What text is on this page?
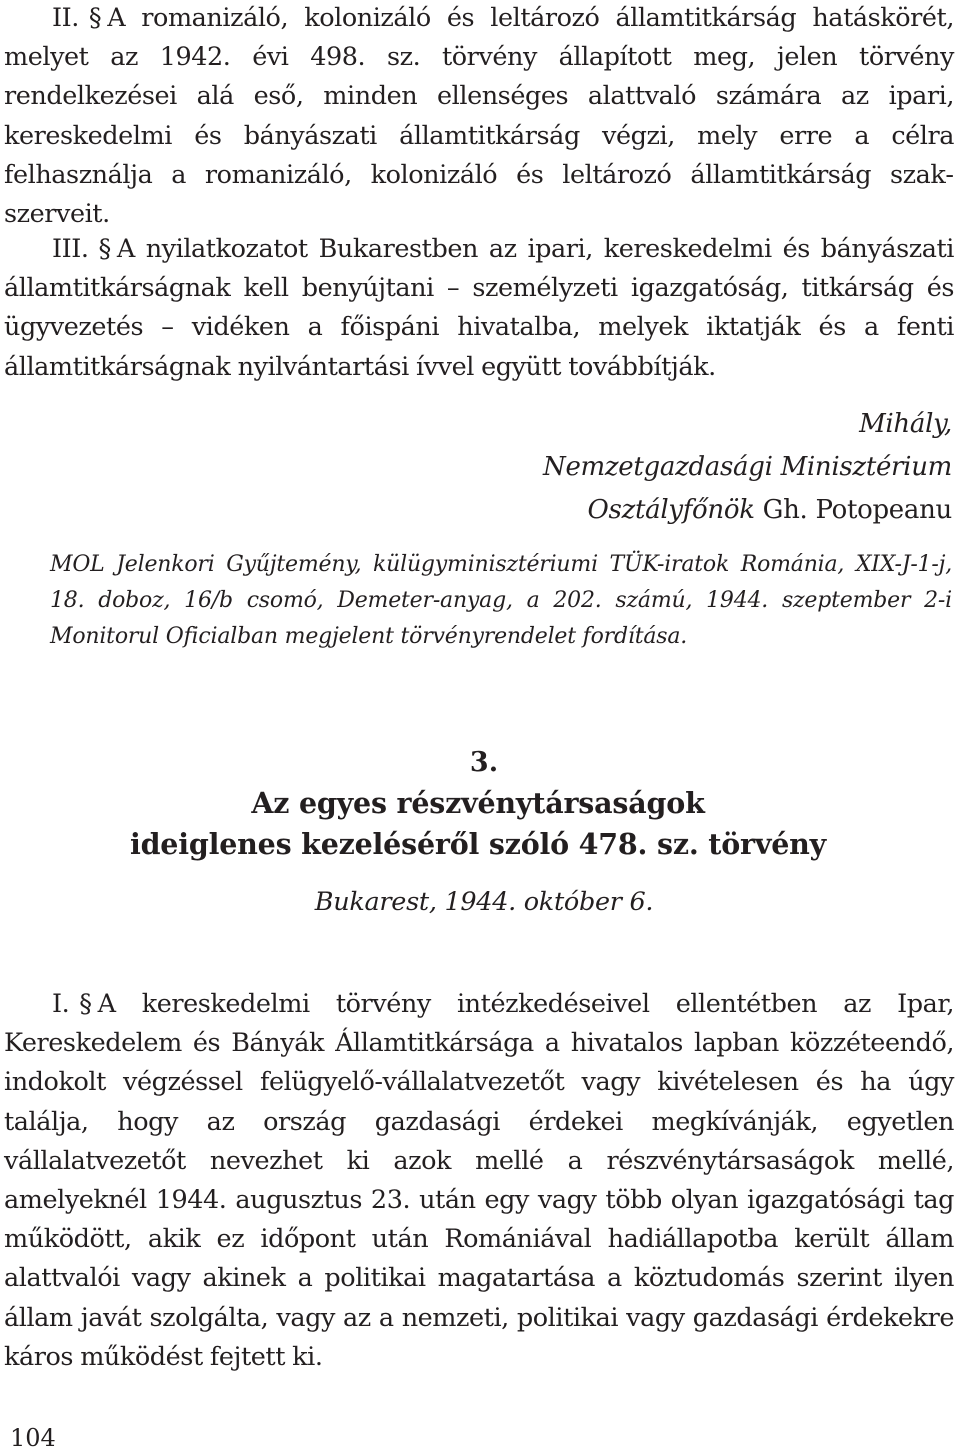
II. § A romanizáló, kolonizáló és leltározó államtitkárság hatáskörét, melyet az 1942. évi 498. sz. törvény állapított meg, jelen törvény rendelkezései alá eső, minden ellenséges alattvaló számára az ipari, kereskedelmi és bányászati államtitkárság végzi, mely erre a célra felhasználja a romanizáló, kolonizáló és leltározó államtitkárság szakszerveit.

III. § A nyilatkozatot Bukarestben az ipari, kereskedelmi és bányászati államtitkárságnak kell benyújtani – személyzeti igazgatóság, titkárság és ügyvezetés – vidéken a főispáni hivatalba, melyek iktatják és a fenti államtitkárságnak nyilvántartási ívvel együtt továbbítják.

Mihály,
Nemzetgazdasági Minisztérium
Osztályfőnök Gh. Potopeanu
MOL Jelenkori Gyűjtemény, külügyminisztériumi TÜK-iratok Románia, XIX-J-1-j, 18. doboz, 16/b csomó, Demeter-anyag, a 202. számú, 1944. szeptember 2-i Monitorul Oficialban megjelent törvényrendelet fordítása.
3.
Az egyes részvénytársaságok
ideiglenes kezeléséről szóló 478. sz. törvény
Bukarest, 1944. október 6.

I. § A kereskedelmi törvény intézkedéseivel ellentétben az Ipar, Kereskedelem és Bányák Államtitkársága a hivatalos lapban közzéteendő, indokolt végzéssel felügyelő-vállalatvezetőt vagy kivételesen és ha úgy találja, hogy az ország gazdasági érdekei megkívánják, egyetlen vállalatvezetőt nevezhet ki azok mellé a részvénytársaságok mellé, amelyeknél 1944. augusztus 23. után egy vagy több olyan igazgatósági tag működött, akik ez időpont után Romániával hadiállapotba került állam alattvalói vagy akinek a politikai magatartása a köztudomás szerint ilyen állam javát szolgálta, vagy az a nemzeti, politikai vagy gazdasági érdekekre káros működést fejtett ki.

104
